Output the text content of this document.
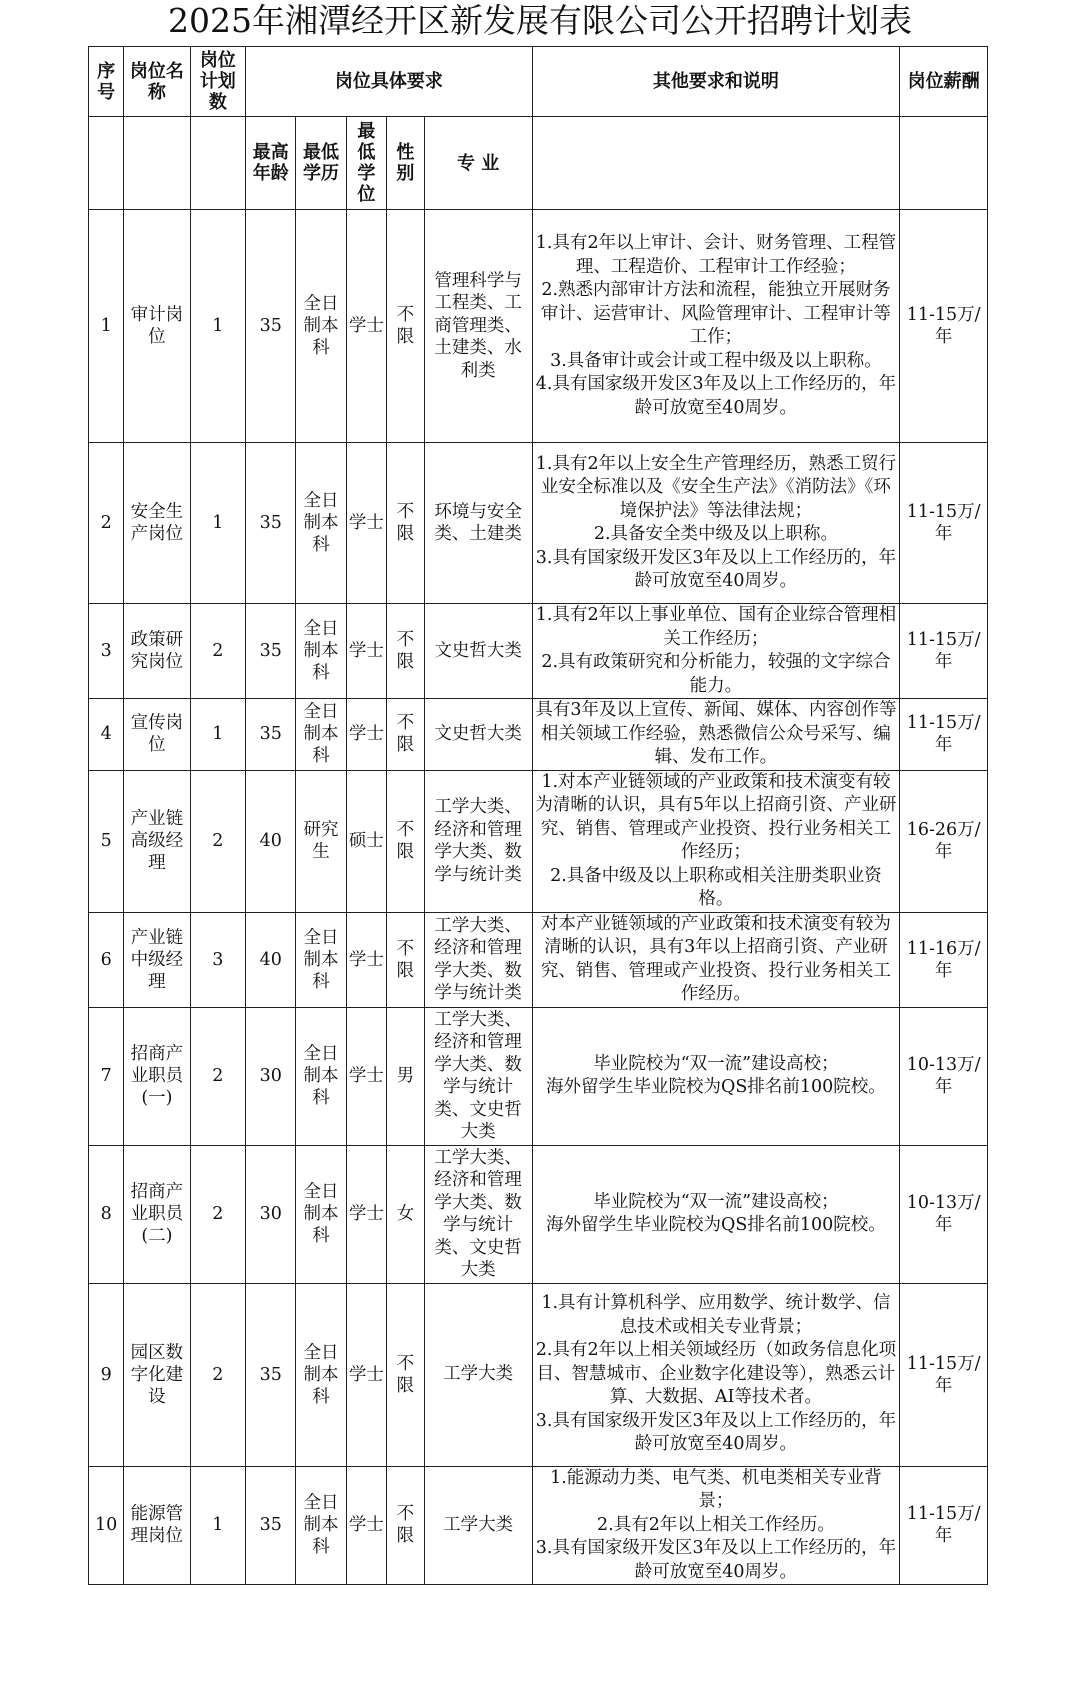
2025年湘潭经开区新发展有限公司公开招聘计划表
序号	岗位名称	岗位计划数	岗位具体要求					其他要求和说明	岗位薪酬
			最高年龄	最低学历	最低学位	性别	专 业		
1	审计岗位	1	35	全日制本科	学士	不限	管理科学与工程类、工商管理类、土建类、水利类	1.具有2年以上审计、会计、财务管理、工程管理、工程造价、工程审计工作经验；
2.熟悉内部审计方法和流程，能独立开展财务审计、运营审计、风险管理审计、工程审计等工作；
3.具备审计或会计或工程中级及以上职称。
4.具有国家级开发区3年及以上工作经历的，年龄可放宽至40周岁。	11-15万/年
2	安全生产岗位	1	35	全日制本科	学士	不限	环境与安全类、土建类	1.具有2年以上安全生产管理经历，熟悉工贸行业安全标准以及《安全生产法》《消防法》《环境保护法》等法律法规；
2.具备安全类中级及以上职称。
3.具有国家级开发区3年及以上工作经历的，年龄可放宽至40周岁。	11-15万/年
3	政策研究岗位	2	35	全日制本科	学士	不限	文史哲大类	1.具有2年以上事业单位、国有企业综合管理相关工作经历；
2.具有政策研究和分析能力，较强的文字综合能力。	11-15万/年
4	宣传岗位	1	35	全日制本科	学士	不限	文史哲大类	具有3年及以上宣传、新闻、媒体、内容创作等相关领域工作经验，熟悉微信公众号采写、编辑、发布工作。	11-15万/年
5	产业链高级经理	2	40	研究生	硕士	不限	工学大类、经济和管理学大类、数学与统计类	1.对本产业链领域的产业政策和技术演变有较为清晰的认识，具有5年以上招商引资、产业研究、销售、管理或产业投资、投行业务相关工作经历；
2.具备中级及以上职称或相关注册类职业资格。	16-26万/年
6	产业链中级经理	3	40	全日制本科	学士	不限	工学大类、经济和管理学大类、数学与统计类	对本产业链领域的产业政策和技术演变有较为清晰的认识，具有3年以上招商引资、产业研究、销售、管理或产业投资、投行业务相关工作经历。	11-16万/年
7	招商产业职员(一)	2	30	全日制本科	学士	男	工学大类、经济和管理学大类、数学与统计类、文史哲大类	毕业院校为“双一流”建设高校；
海外留学生毕业院校为QS排名前100院校。	10-13万/年
8	招商产业职员(二)	2	30	全日制本科	学士	女	工学大类、经济和管理学大类、数学与统计类、文史哲大类	毕业院校为“双一流”建设高校；
海外留学生毕业院校为QS排名前100院校。	10-13万/年
9	园区数字化建设	2	35	全日制本科	学士	不限	工学大类	1.具有计算机科学、应用数学、统计数学、信息技术或相关专业背景；
2.具有2年以上相关领域经历（如政务信息化项目、智慧城市、企业数字化建设等），熟悉云计算、大数据、AI等技术者。
3.具有国家级开发区3年及以上工作经历的，年龄可放宽至40周岁。	11-15万/年
10	能源管理岗位	1	35	全日制本科	学士	不限	工学大类	1.能源动力类、电气类、机电类相关专业背景；
2.具有2年以上相关工作经历。
3.具有国家级开发区3年及以上工作经历的，年龄可放宽至40周岁。	11-15万/年
